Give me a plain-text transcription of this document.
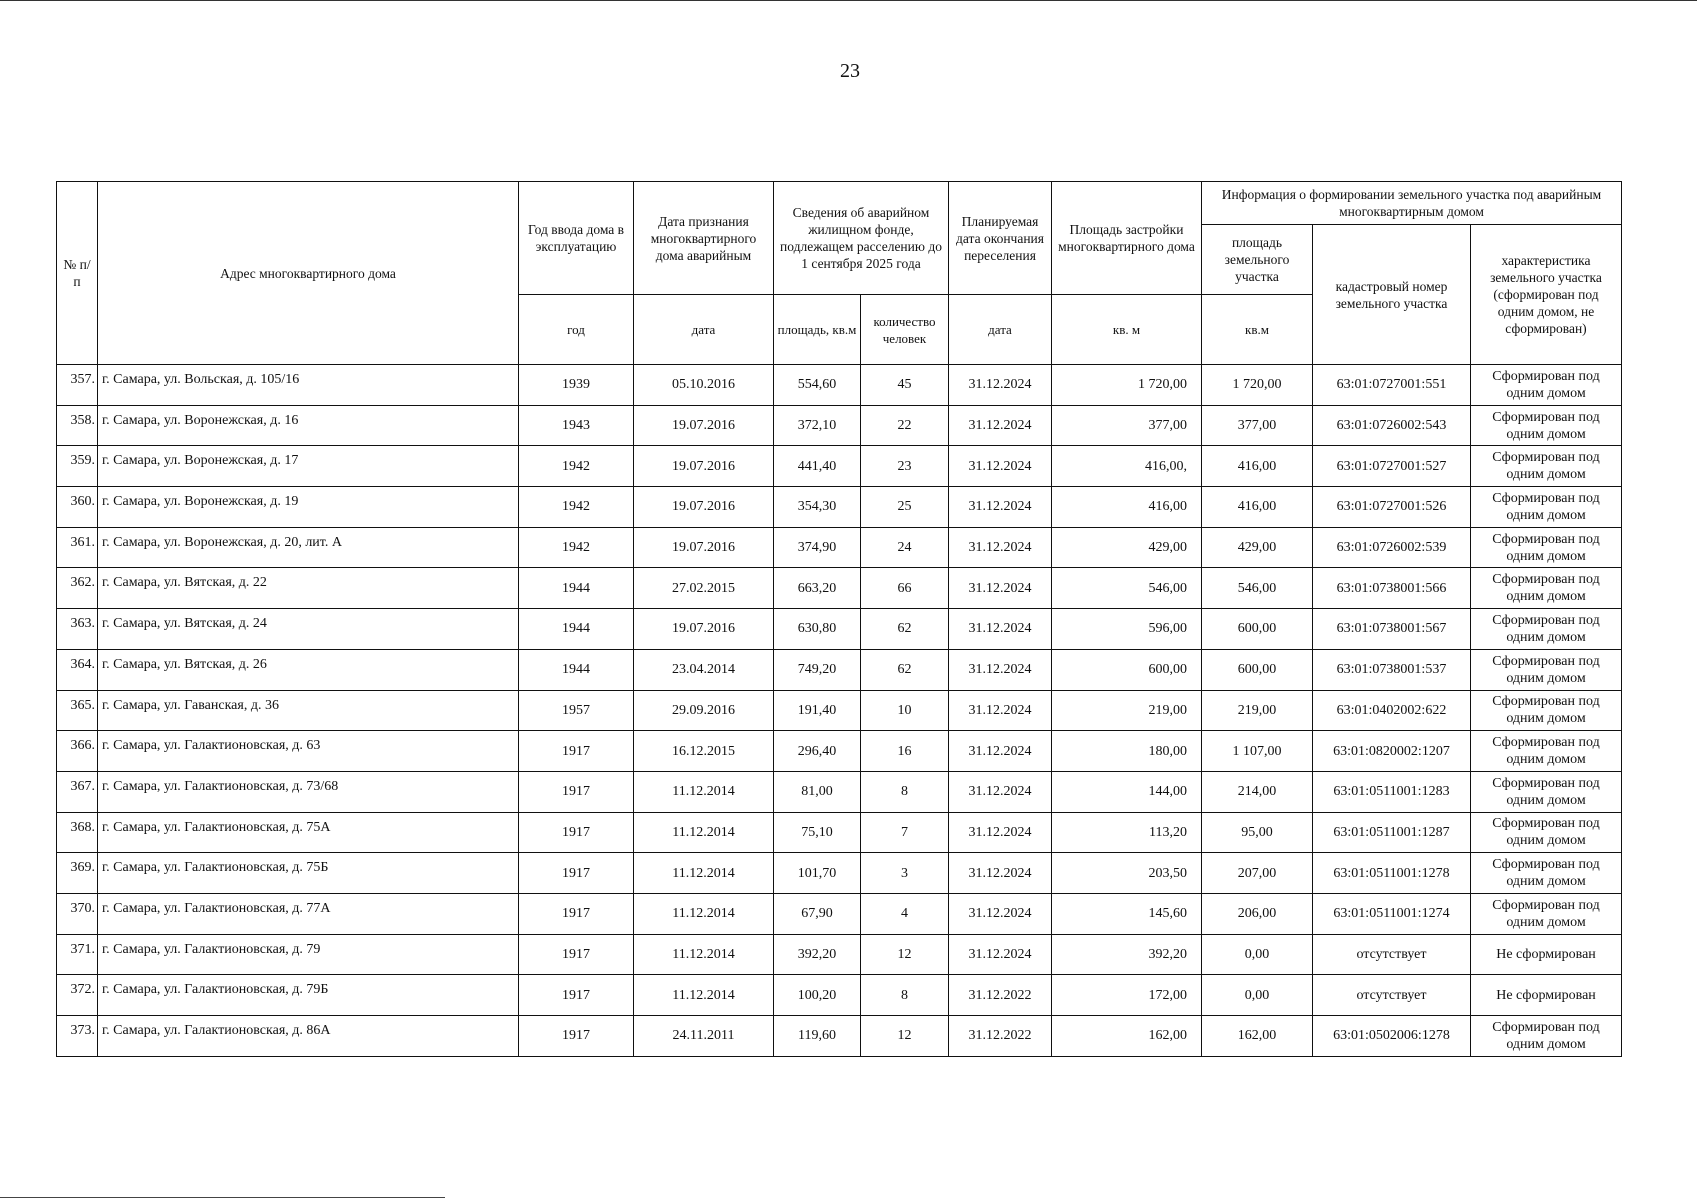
23
№ п/п	Адрес многоквартирного дома	Год ввода дома в эксплуатацию	Дата признания многоквартирного дома аварийным	Сведения об аварийном жилищном фонде, подлежащем расселению до 1 сентября 2025 года		Планируемая дата окончания переселения	Площадь застройки многоквартирного дома	Информация о формировании земельного участка под аварийным многоквартирным домом		
								площадь земельного участка	кадастровый номер земельного участка	характеристика земельного участка (сформирован под одним домом, не сформирован)
		год	дата	площадь, кв.м	количество человек	дата	кв. м	кв.м		
357.	г. Самара, ул. Вольская, д. 105/16	1939	05.10.2016	554,60	45	31.12.2024	1 720,00	1 720,00	63:01:0727001:551	Сформирован под одним домом
358.	г. Самара, ул. Воронежская, д. 16	1943	19.07.2016	372,10	22	31.12.2024	377,00	377,00	63:01:0726002:543	Сформирован под одним домом
359.	г. Самара, ул. Воронежская, д. 17	1942	19.07.2016	441,40	23	31.12.2024	416,00,	416,00	63:01:0727001:527	Сформирован под одним домом
360.	г. Самара, ул. Воронежская, д. 19	1942	19.07.2016	354,30	25	31.12.2024	416,00	416,00	63:01:0727001:526	Сформирован под одним домом
361.	г. Самара, ул. Воронежская, д. 20, лит. А	1942	19.07.2016	374,90	24	31.12.2024	429,00	429,00	63:01:0726002:539	Сформирован под одним домом
362.	г. Самара, ул. Вятская, д. 22	1944	27.02.2015	663,20	66	31.12.2024	546,00	546,00	63:01:0738001:566	Сформирован под одним домом
363.	г. Самара, ул. Вятская, д. 24	1944	19.07.2016	630,80	62	31.12.2024	596,00	600,00	63:01:0738001:567	Сформирован под одним домом
364.	г. Самара, ул. Вятская, д. 26	1944	23.04.2014	749,20	62	31.12.2024	600,00	600,00	63:01:0738001:537	Сформирован под одним домом
365.	г. Самара, ул. Гаванская, д. 36	1957	29.09.2016	191,40	10	31.12.2024	219,00	219,00	63:01:0402002:622	Сформирован под одним домом
366.	г. Самара, ул. Галактионовская, д. 63	1917	16.12.2015	296,40	16	31.12.2024	180,00	1 107,00	63:01:0820002:1207	Сформирован под одним домом
367.	г. Самара, ул. Галактионовская, д. 73/68	1917	11.12.2014	81,00	8	31.12.2024	144,00	214,00	63:01:0511001:1283	Сформирован под одним домом
368.	г. Самара, ул. Галактионовская, д. 75А	1917	11.12.2014	75,10	7	31.12.2024	113,20	95,00	63:01:0511001:1287	Сформирован под одним домом
369.	г. Самара, ул. Галактионовская, д. 75Б	1917	11.12.2014	101,70	3	31.12.2024	203,50	207,00	63:01:0511001:1278	Сформирован под одним домом
370.	г. Самара, ул. Галактионовская, д. 77А	1917	11.12.2014	67,90	4	31.12.2024	145,60	206,00	63:01:0511001:1274	Сформирован под одним домом
371.	г. Самара, ул. Галактионовская, д. 79	1917	11.12.2014	392,20	12	31.12.2024	392,20	0,00	отсутствует	Не сформирован
372.	г. Самара, ул. Галактионовская, д. 79Б	1917	11.12.2014	100,20	8	31.12.2022	172,00	0,00	отсутствует	Не сформирован
373.	г. Самара, ул. Галактионовская, д. 86А	1917	24.11.2011	119,60	12	31.12.2022	162,00	162,00	63:01:0502006:1278	Сформирован под одним домом
